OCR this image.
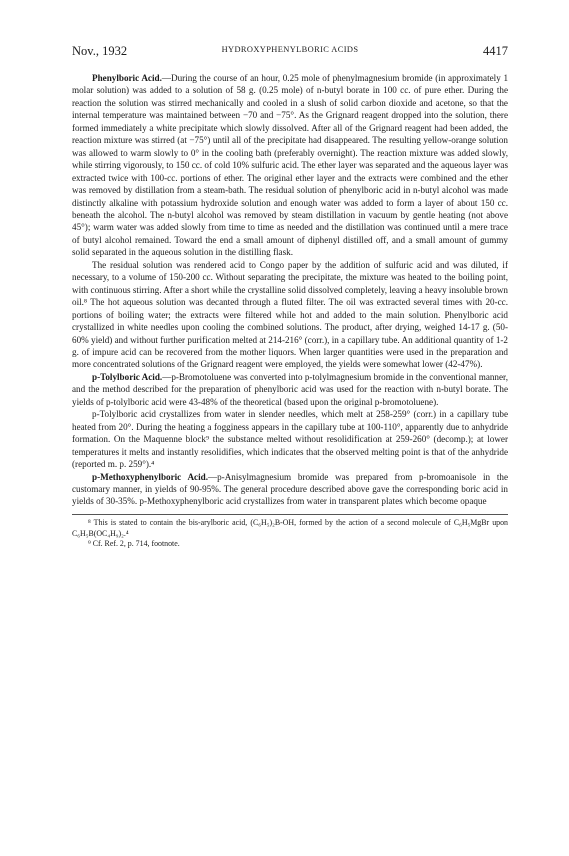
Nov., 1932	HYDROXYPHENYLBORIC ACIDS	4417

Phenylboric Acid.—During the course of an hour, 0.25 mole of phenylmagnesium bromide (in approximately 1 molar solution) was added to a solution of 58 g. (0.25 mole) of n-butyl borate in 100 cc. of pure ether. During the reaction the solution was stirred mechanically and cooled in a slush of solid carbon dioxide and acetone, so that the internal temperature was maintained between −70 and −75°. As the Grignard reagent dropped into the solution, there formed immediately a white precipitate which slowly dissolved. After all of the Grignard reagent had been added, the reaction mixture was stirred (at −75°) until all of the precipitate had disappeared. The resulting yellow-orange solution was allowed to warm slowly to 0° in the cooling bath (preferably overnight). The reaction mixture was added slowly, while stirring vigorously, to 150 cc. of cold 10% sulfuric acid. The ether layer was separated and the aqueous layer was extracted twice with 100-cc. portions of ether. The original ether layer and the extracts were combined and the ether was removed by distillation from a steam-bath. The residual solution of phenylboric acid in n-butyl alcohol was made distinctly alkaline with potassium hydroxide solution and enough water was added to form a layer of about 150 cc. beneath the alcohol. The n-butyl alcohol was removed by steam distillation in vacuum by gentle heating (not above 45°); warm water was added slowly from time to time as needed and the distillation was continued until a mere trace of butyl alcohol remained. Toward the end a small amount of diphenyl distilled off, and a small amount of gummy solid separated in the aqueous solution in the distilling flask.

The residual solution was rendered acid to Congo paper by the addition of sulfuric acid and was diluted, if necessary, to a volume of 150-200 cc. Without separating the precipitate, the mixture was heated to the boiling point, with continuous stirring. After a short while the crystalline solid dissolved completely, leaving a heavy insoluble brown oil.⁸ The hot aqueous solution was decanted through a fluted filter. The oil was extracted several times with 20-cc. portions of boiling water; the extracts were filtered while hot and added to the main solution. Phenylboric acid crystallized in white needles upon cooling the combined solutions. The product, after drying, weighed 14-17 g. (50-60% yield) and without further purification melted at 214-216° (corr.), in a capillary tube. An additional quantity of 1-2 g. of impure acid can be recovered from the mother liquors. When larger quantities were used in the preparation and more concentrated solutions of the Grignard reagent were employed, the yields were somewhat lower (42-47%).

p-Tolylboric Acid.—p-Bromotoluene was converted into p-tolylmagnesium bromide in the conventional manner, and the method described for the preparation of phenylboric acid was used for the reaction with n-butyl borate. The yields of p-tolylboric acid were 43-48% of the theoretical (based upon the original p-bromotoluene).

p-Tolylboric acid crystallizes from water in slender needles, which melt at 258-259° (corr.) in a capillary tube heated from 20°. During the heating a fogginess appears in the capillary tube at 100-110°, apparently due to anhydride formation. On the Maquenne block⁹ the substance melted without resolidification at 259-260° (decomp.); at lower temperatures it melts and instantly resolidifies, which indicates that the observed melting point is that of the anhydride (reported m. p. 259°).⁴

p-Methoxyphenylboric Acid.—p-Anisylmagnesium bromide was prepared from p-bromoanisole in the customary manner, in yields of 90-95%. The general procedure described above gave the corresponding boric acid in yields of 30-35%. p-Methoxyphenylboric acid crystallizes from water in transparent plates which become opaque

⁸ This is stated to contain the bis-arylboric acid, (C₆H₅)₂B-OH, formed by the action of a second molecule of C₆H₅MgBr upon C₆H₅B(OC₄H₉)₂.⁴

⁹ Cf. Ref. 2, p. 714, footnote.
